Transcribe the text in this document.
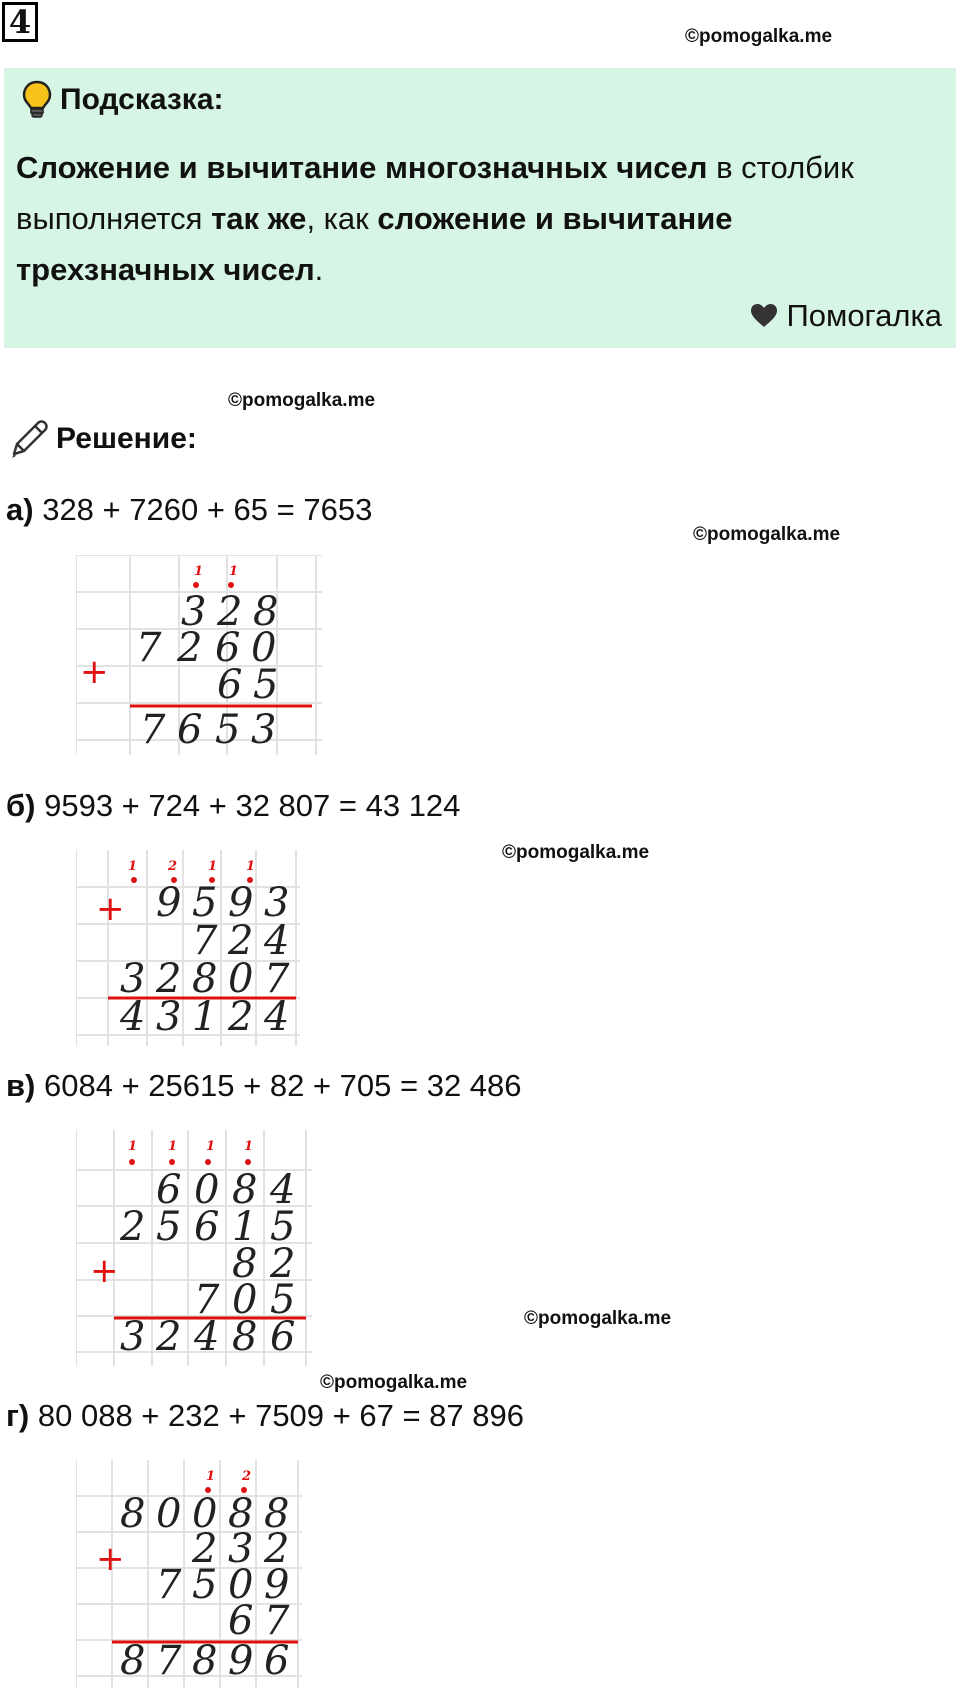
4	©pomogalka.me
Подсказка:
Сложение и вычитание многозначных чисел в столбик выполняется так же, как сложение и вычитание трехзначных чисел.
Помогалка
©pomogalka.me
Решение:
а) 328 + 7260 + 65 = 7653
©pomogalka.me
1 1
3 2 8
7 2 6 0
6 5
+
7 6 5 3
б) 9593 + 724 + 32 807 = 43 124
©pomogalka.me
1 2 1 1
9 5 9 3
7 2 4
3 2 8 0 7
+
4 3 1 2 4
в) 6084 + 25615 + 82 + 705 = 32 486
1 1 1 1
6 0 8 4
2 5 6 1 5
8 2
7 0 5
+
3 2 4 8 6	©pomogalka.me
©pomogalka.me
г) 80 088 + 232 + 7509 + 67 = 87 896
1 2
8 0 0 8 8
2 3 2
7 5 0 9
6 7
+
8 7 8 9 6
